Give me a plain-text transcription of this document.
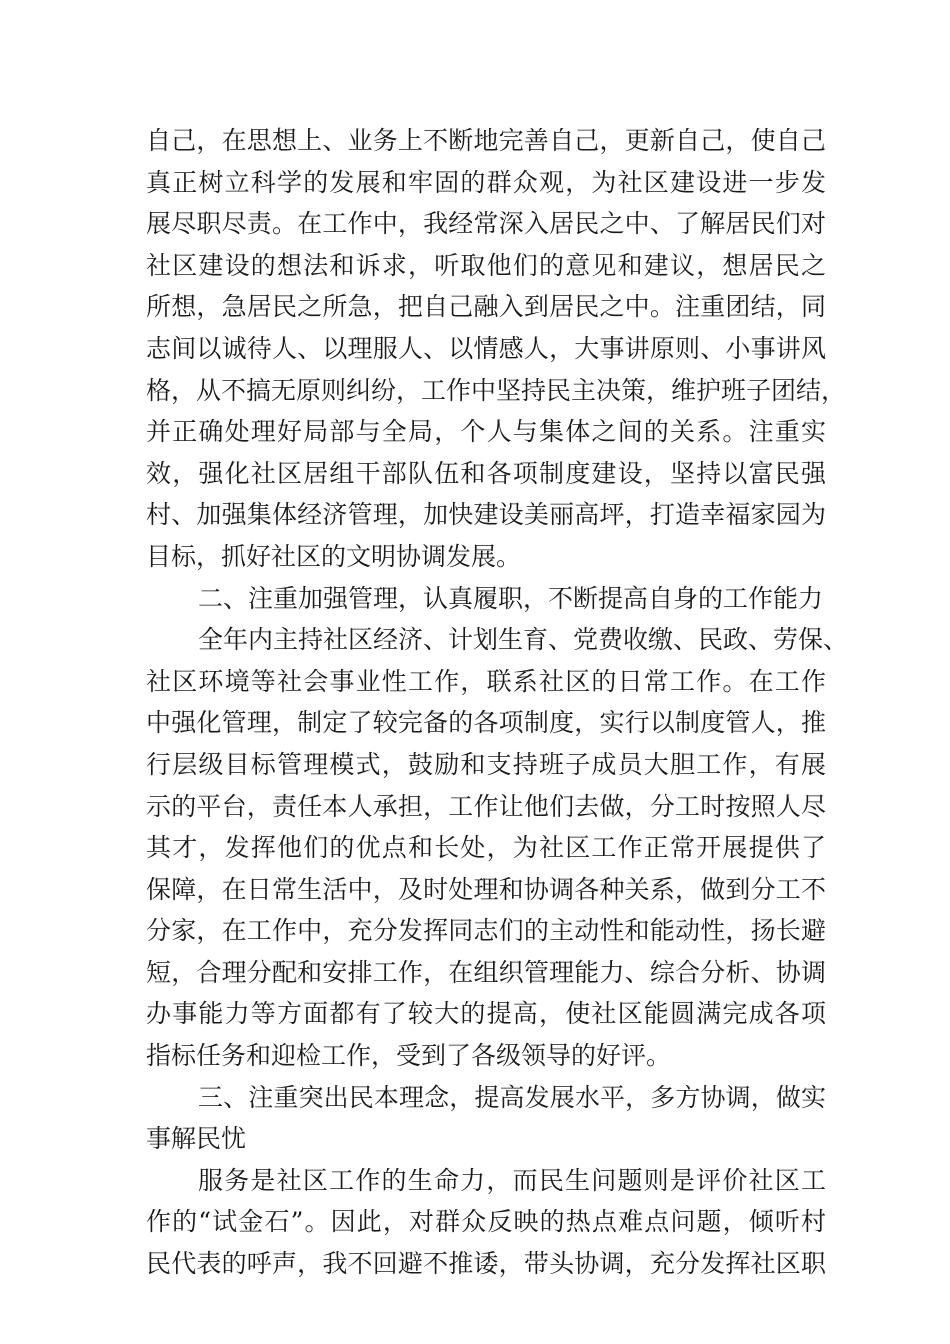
自己，在思想上、业务上不断地完善自己，更新自己，使自己
真正树立科学的发展和牢固的群众观，为社区建设进一步发
展尽职尽责。在工作中，我经常深入居民之中、了解居民们对
社区建设的想法和诉求，听取他们的意见和建议，想居民之
所想，急居民之所急，把自己融入到居民之中。注重团结，同
志间以诚待人、以理服人、以情感人，大事讲原则、小事讲风
格，从不搞无原则纠纷，工作中坚持民主决策，维护班子团结，
并正确处理好局部与全局，个人与集体之间的关系。注重实
效，强化社区居组干部队伍和各项制度建设，坚持以富民强
村、加强集体经济管理，加快建设美丽高坪，打造幸福家园为
目标，抓好社区的文明协调发展。
二、注重加强管理，认真履职，不断提高自身的工作能力
全年内主持社区经济、计划生育、党费收缴、民政、劳保、
社区环境等社会事业性工作，联系社区的日常工作。在工作
中强化管理，制定了较完备的各项制度，实行以制度管人，推
行层级目标管理模式，鼓励和支持班子成员大胆工作，有展
示的平台，责任本人承担，工作让他们去做，分工时按照人尽
其才，发挥他们的优点和长处，为社区工作正常开展提供了
保障，在日常生活中，及时处理和协调各种关系，做到分工不
分家，在工作中，充分发挥同志们的主动性和能动性，扬长避
短，合理分配和安排工作，在组织管理能力、综合分析、协调
办事能力等方面都有了较大的提高，使社区能圆满完成各项
指标任务和迎检工作，受到了各级领导的好评。
三、注重突出民本理念，提高发展水平，多方协调，做实
事解民忧
服务是社区工作的生命力，而民生问题则是评价社区工
作的“试金石”。因此，对群众反映的热点难点问题，倾听村
民代表的呼声，我不回避不推诿，带头协调，充分发挥社区职
